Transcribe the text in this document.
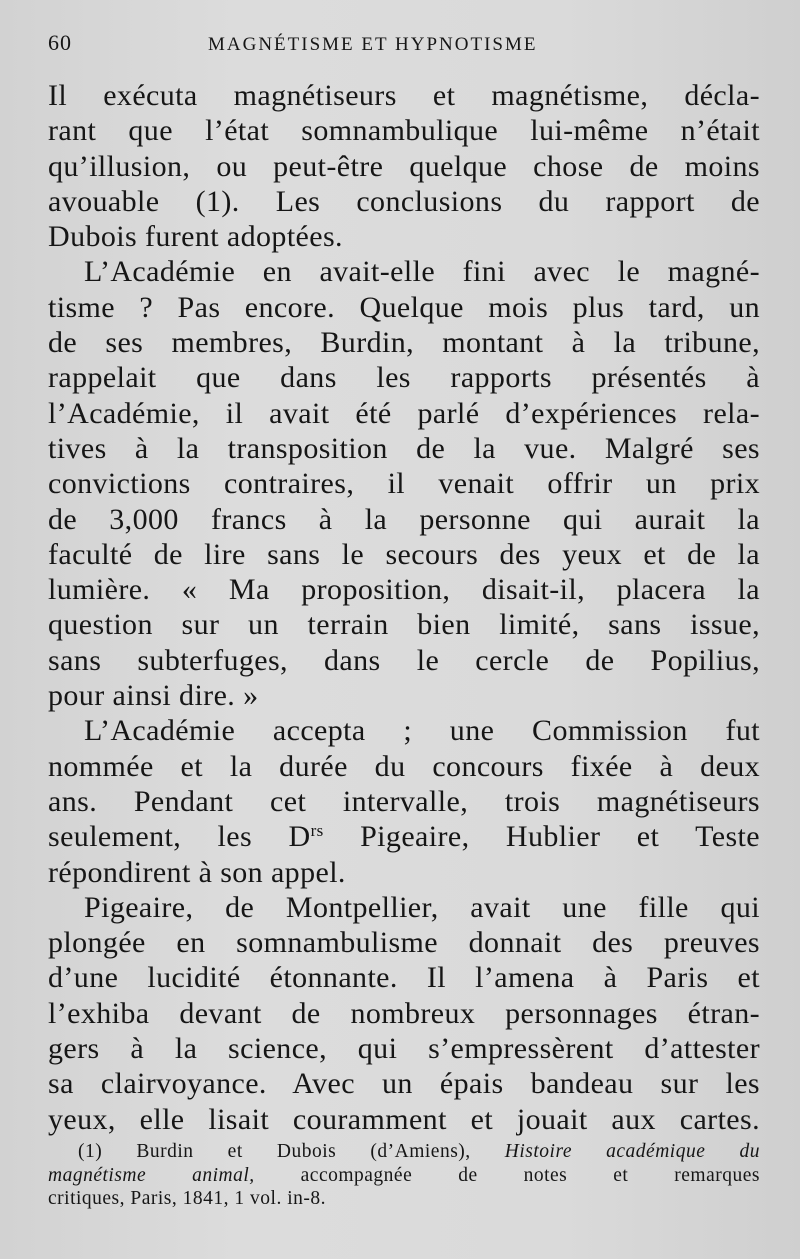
60	MAGNÉTISME ET HYPNOTISME
Il exécuta magnétiseurs et magnétisme, décla-
rant que l’état somnambulique lui-même n’était
qu’illusion, ou peut-être quelque chose de moins
avouable (1). Les conclusions du rapport de
Dubois furent adoptées.
L’Académie en avait-elle fini avec le magné-
tisme ? Pas encore. Quelque mois plus tard, un
de ses membres, Burdin, montant à la tribune,
rappelait que dans les rapports présentés à
l’Académie, il avait été parlé d’expériences rela-
tives à la transposition de la vue. Malgré ses
convictions contraires, il venait offrir un prix
de 3,000 francs à la personne qui aurait la
faculté de lire sans le secours des yeux et de la
lumière. « Ma proposition, disait-il, placera la
question sur un terrain bien limité, sans issue,
sans subterfuges, dans le cercle de Popilius,
pour ainsi dire. »
L’Académie accepta ; une Commission fut
nommée et la durée du concours fixée à deux
ans. Pendant cet intervalle, trois magnétiseurs
seulement, les $D^{rs}$ Pigeaire, Hublier et Teste
répondirent à son appel.
Pigeaire, de Montpellier, avait une fille qui
plongée en somnambulisme donnait des preuves
d’une lucidité étonnante. Il l’amena à Paris et
l’exhiba devant de nombreux personnages étran-
gers à la science, qui s’empressèrent d’attester
sa clairvoyance. Avec un épais bandeau sur les
yeux, elle lisait couramment et jouait aux cartes.
(1) Burdin et Dubois (d’Amiens), Histoire académique du
magnétisme animal, accompagnée de notes et remarques
critiques, Paris, 1841, 1 vol. in-8.
